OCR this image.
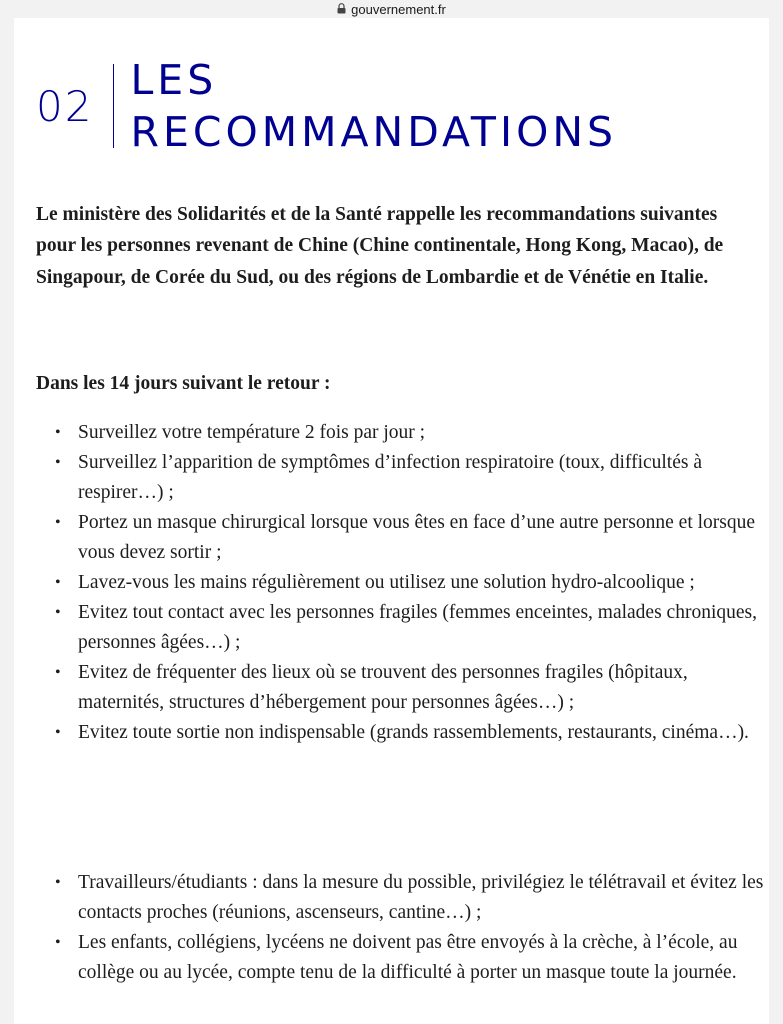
gouvernement.fr
02
LES
RECOMMANDATIONS

Le ministère des Solidarités et de la Santé rappelle les recommandations suivantes pour les personnes revenant de Chine (Chine continentale, Hong Kong, Macao), de Singapour, de Corée du Sud, ou des régions de Lombardie et de Vénétie en Italie.

Dans les 14 jours suivant le retour :

• Surveillez votre température 2 fois par jour ;
• Surveillez l’apparition de symptômes d’infection respiratoire (toux, difficultés à respirer…) ;
• Portez un masque chirurgical lorsque vous êtes en face d’une autre personne et lorsque vous devez sortir ;
• Lavez-vous les mains régulièrement ou utilisez une solution hydro-alcoolique ;
• Evitez tout contact avec les personnes fragiles (femmes enceintes, malades chroniques, personnes âgées…) ;
• Evitez de fréquenter des lieux où se trouvent des personnes fragiles (hôpitaux, maternités, structures d’hébergement pour personnes âgées…) ;
• Evitez toute sortie non indispensable (grands rassemblements, restaurants, cinéma…).
• Travailleurs/étudiants : dans la mesure du possible, privilégiez le télétravail et évitez les contacts proches (réunions, ascenseurs, cantine…) ;
• Les enfants, collégiens, lycéens ne doivent pas être envoyés à la crèche, à l’école, au collège ou au lycée, compte tenu de la difficulté à porter un masque toute la journée.
